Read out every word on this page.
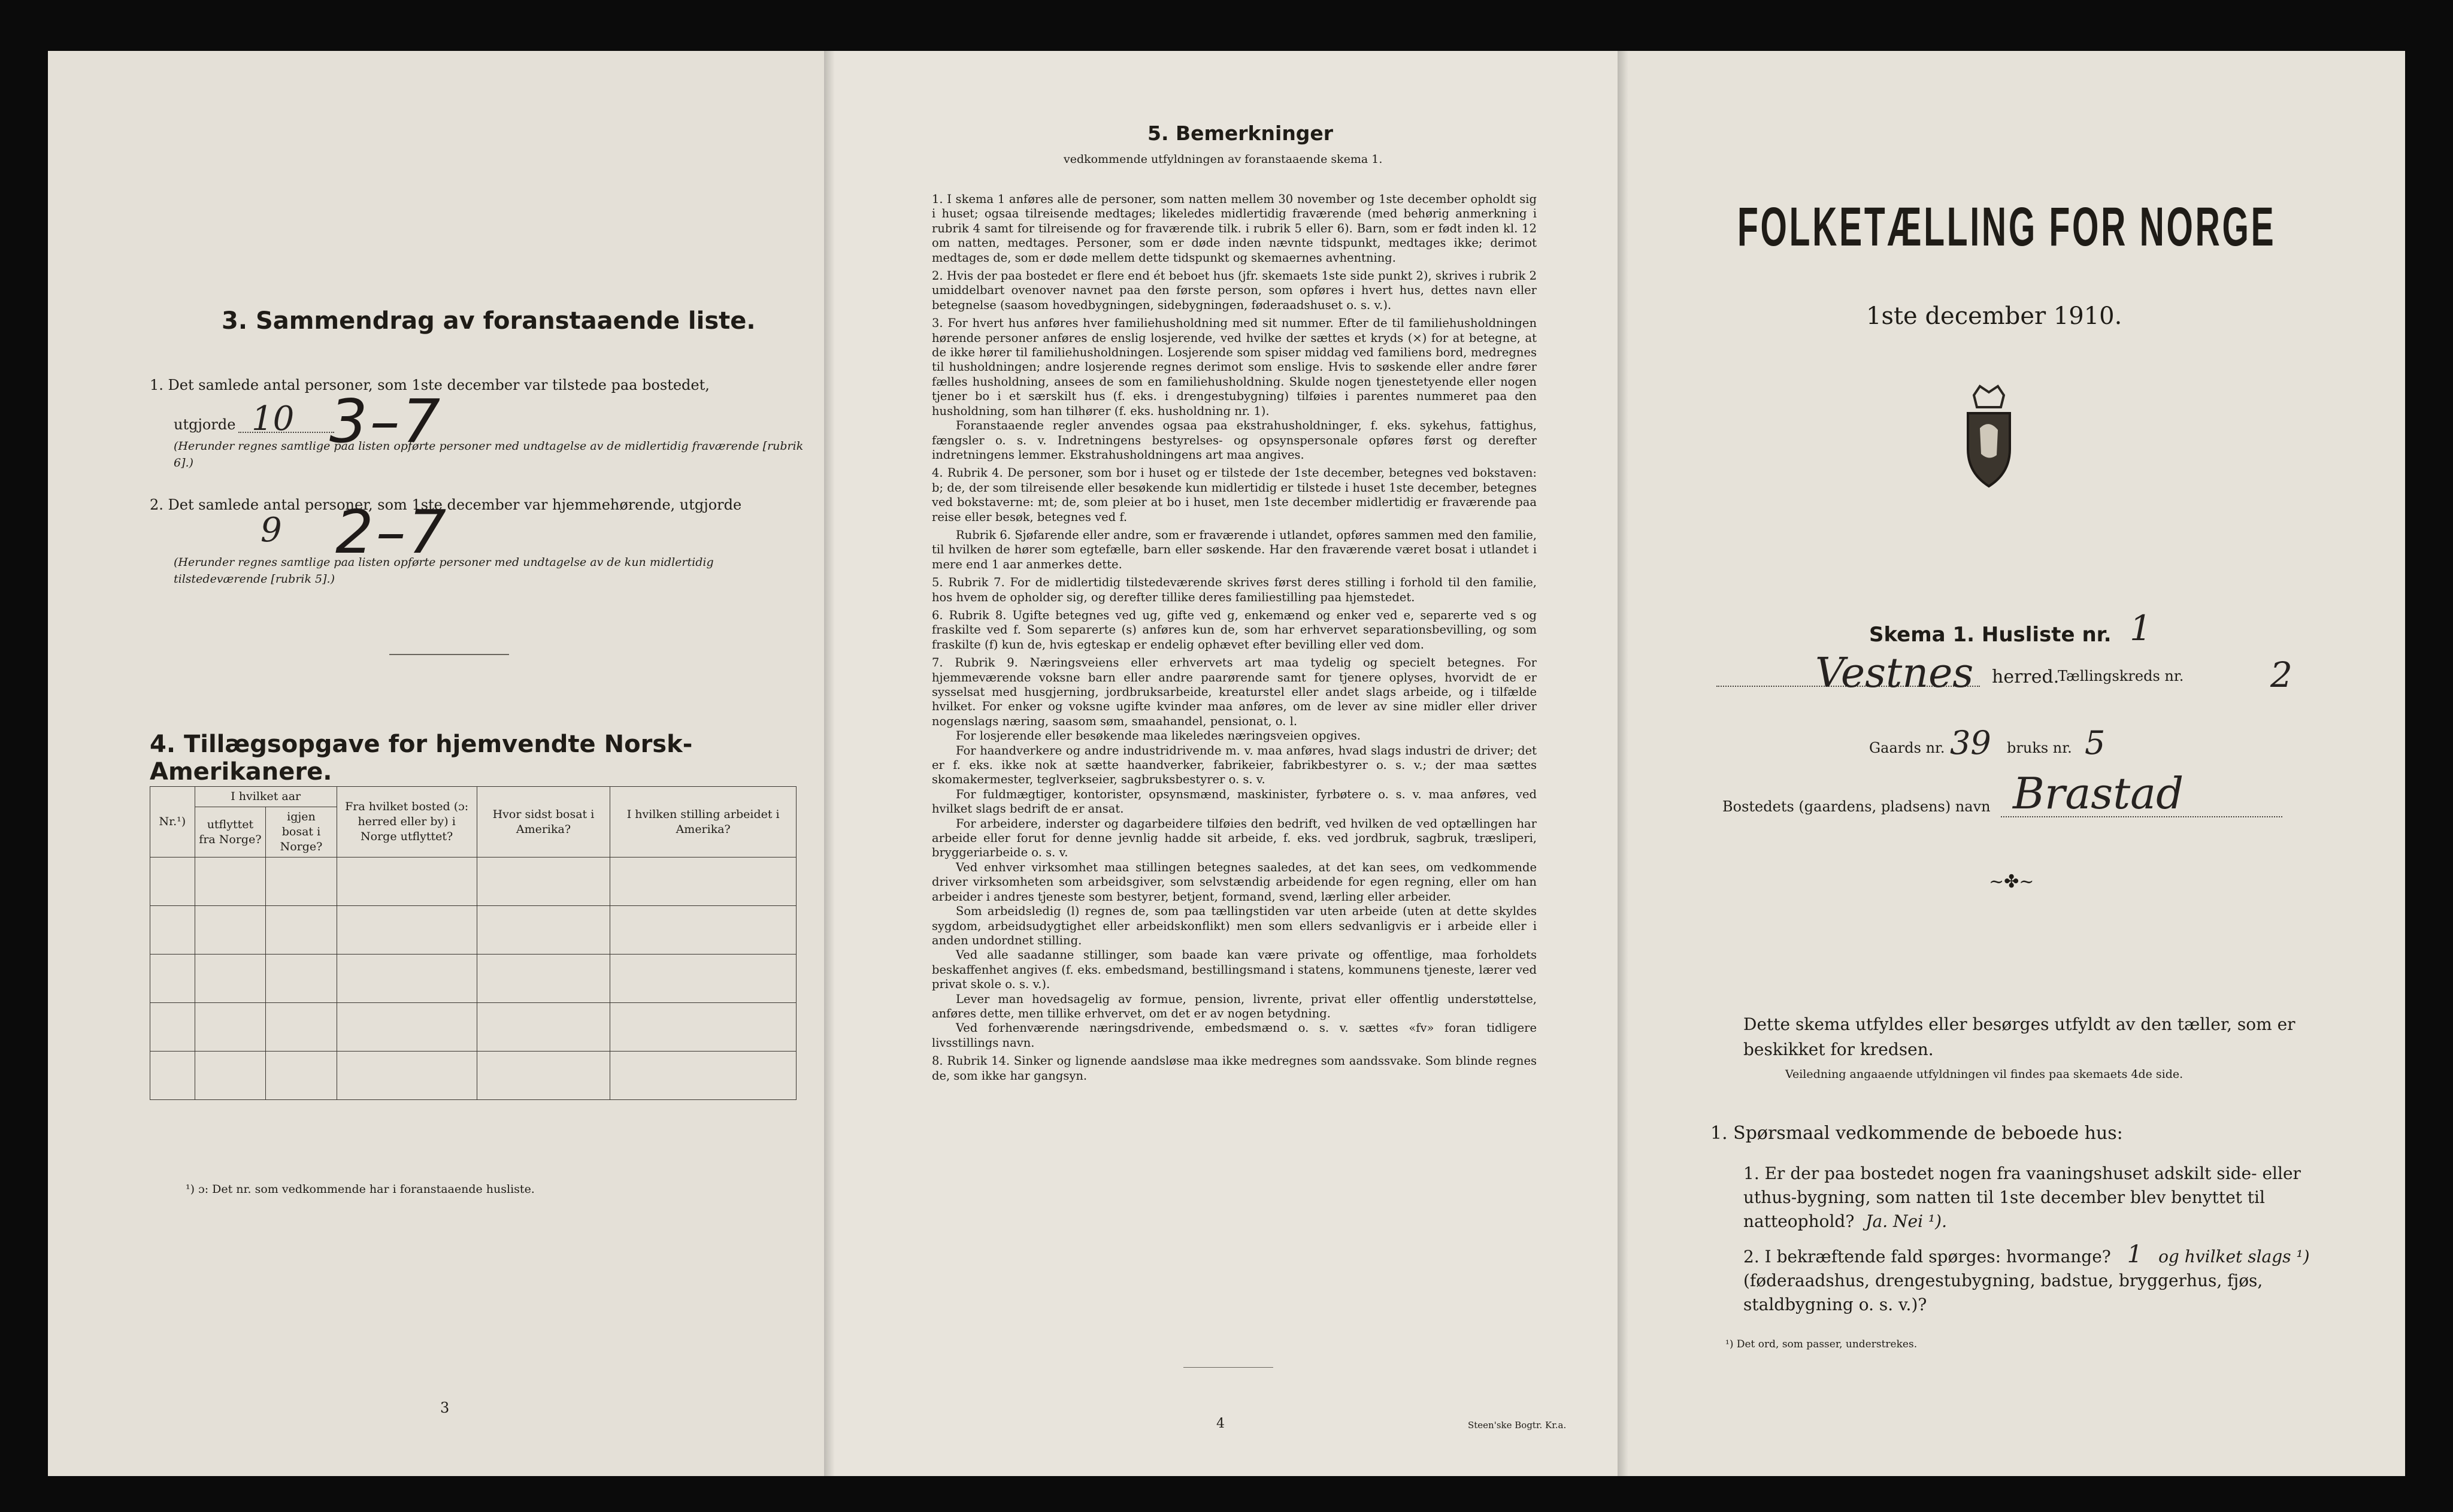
3. Sammendrag av foranstaaende liste.
1. Det samlede antal personer, som 1ste december var tilstede paa bostedet,
utgjorde 10 3–7
(Herunder regnes samtlige paa listen opførte personer med undtagelse av de midlertidig fraværende [rubrik 6].)
2. Det samlede antal personer, som 1ste december var hjemmehørende, utgjorde
9 2–7
(Herunder regnes samtlige paa listen opførte personer med undtagelse av de kun midlertidig tilstedeværende [rubrik 5].)
4. Tillægsopgave for hjemvendte Norsk-Amerikanere.
Nr.¹)	I hvilket aar		Fra hvilket bosted (ɔ: herred eller by) i Norge utflyttet?	Hvor sidst bosat i Amerika?	I hvilken stilling arbeidet i Amerika?
	utflyttet fra Norge?	igjen bosat i Norge?			

¹) ɔ: Det nr. som vedkommende har i foranstaaende husliste.
3
5. Bemerkninger
vedkommende utfyldningen av foranstaaende skema 1.

1. I skema 1 anføres alle de personer, som natten mellem 30 november og 1ste december opholdt sig i huset; ogsaa tilreisende medtages; likeledes midlertidig fraværende (med behørig anmerkning i rubrik 4 samt for tilreisende og for fraværende tilk. i rubrik 5 eller 6). Barn, som er født inden kl. 12 om natten, medtages. Personer, som er døde inden nævnte tidspunkt, medtages ikke; derimot medtages de, som er døde mellem dette tidspunkt og skemaernes avhentning.

2. Hvis der paa bostedet er flere end ét beboet hus (jfr. skemaets 1ste side punkt 2), skrives i rubrik 2 umiddelbart ovenover navnet paa den første person, som opføres i hvert hus, dettes navn eller betegnelse (saasom hovedbygningen, sidebygningen, føderaadshuset o. s. v.).

3. For hvert hus anføres hver familiehusholdning med sit nummer. Efter de til familiehusholdningen hørende personer anføres de enslig losjerende, ved hvilke der sættes et kryds (×) for at betegne, at de ikke hører til familiehusholdningen. Losjerende som spiser middag ved familiens bord, medregnes til husholdningen; andre losjerende regnes derimot som enslige. Hvis to søskende eller andre fører fælles husholdning, ansees de som en familiehusholdning. Skulde nogen tjenestetyende eller nogen tjener bo i et særskilt hus (f. eks. i drengestubygning) tilføies i parentes nummeret paa den husholdning, som han tilhører (f. eks. husholdning nr. 1).

Foranstaaende regler anvendes ogsaa paa ekstrahusholdninger, f. eks. sykehus, fattighus, fængsler o. s. v. Indretningens bestyrelses- og opsynspersonale opføres først og derefter indretningens lemmer. Ekstrahusholdningens art maa angives.

4. Rubrik 4. De personer, som bor i huset og er tilstede der 1ste december, betegnes ved bokstaven: b; de, der som tilreisende eller besøkende kun midlertidig er tilstede i huset 1ste december, betegnes ved bokstaverne: mt; de, som pleier at bo i huset, men 1ste december midlertidig er fraværende paa reise eller besøk, betegnes ved f.

Rubrik 6. Sjøfarende eller andre, som er fraværende i utlandet, opføres sammen med den familie, til hvilken de hører som egtefælle, barn eller søskende. Har den fraværende været bosat i utlandet i mere end 1 aar anmerkes dette.

5. Rubrik 7. For de midlertidig tilstedeværende skrives først deres stilling i forhold til den familie, hos hvem de opholder sig, og derefter tillike deres familiestilling paa hjemstedet.

6. Rubrik 8. Ugifte betegnes ved ug, gifte ved g, enkemænd og enker ved e, separerte ved s og fraskilte ved f. Som separerte (s) anføres kun de, som har erhvervet separationsbevilling, og som fraskilte (f) kun de, hvis egteskap er endelig ophævet efter bevilling eller ved dom.

7. Rubrik 9. Næringsveiens eller erhvervets art maa tydelig og specielt betegnes. For hjemmeværende voksne barn eller andre paarørende samt for tjenere oplyses, hvorvidt de er sysselsat med husgjerning, jordbruksarbeide, kreaturstel eller andet slags arbeide, og i tilfælde hvilket. For enker og voksne ugifte kvinder maa anføres, om de lever av sine midler eller driver nogenslags næring, saasom søm, smaahandel, pensionat, o. l.

For losjerende eller besøkende maa likeledes næringsveien opgives.

For haandverkere og andre industridrivende m. v. maa anføres, hvad slags industri de driver; det er f. eks. ikke nok at sætte haandverker, fabrikeier, fabrikbestyrer o. s. v.; der maa sættes skomakermester, teglverkseier, sagbruksbestyrer o. s. v.

For fuldmægtiger, kontorister, opsynsmænd, maskinister, fyrbøtere o. s. v. maa anføres, ved hvilket slags bedrift de er ansat.

For arbeidere, inderster og dagarbeidere tilføies den bedrift, ved hvilken de ved optællingen har arbeide eller forut for denne jevnlig hadde sit arbeide, f. eks. ved jordbruk, sagbruk, træsliperi, bryggeriarbeide o. s. v.

Ved enhver virksomhet maa stillingen betegnes saaledes, at det kan sees, om vedkommende driver virksomheten som arbeidsgiver, som selvstændig arbeidende for egen regning, eller om han arbeider i andres tjeneste som bestyrer, betjent, formand, svend, lærling eller arbeider.

Som arbeidsledig (l) regnes de, som paa tællingstiden var uten arbeide (uten at dette skyldes sygdom, arbeidsudygtighet eller arbeidskonflikt) men som ellers sedvanligvis er i arbeide eller i anden undordnet stilling.

Ved alle saadanne stillinger, som baade kan være private og offentlige, maa forholdets beskaffenhet angives (f. eks. embedsmand, bestillingsmand i statens, kommunens tjeneste, lærer ved privat skole o. s. v.).

Lever man hovedsagelig av formue, pension, livrente, privat eller offentlig understøttelse, anføres dette, men tillike erhvervet, om det er av nogen betydning.

Ved forhenværende næringsdrivende, embedsmænd o. s. v. sættes «fv» foran tidligere livsstillings navn.

8. Rubrik 14. Sinker og lignende aandsløse maa ikke medregnes som aandssvake. Som blinde regnes de, som ikke har gangsyn.

4	Steen'ske Bogtr. Kr.a.
FOLKETÆLLING FOR NORGE
1ste december 1910.
Skema 1. Husliste nr. 1
Vestnes herred.
Tællingskreds nr. 2
Gaards nr. 39 bruks nr. 5
Bostedets (gaardens, pladsens) navn Brastad
~✤~
Dette skema utfyldes eller besørges utfyldt av den tæller, som er beskikket for kredsen.
Veiledning angaaende utfyldningen vil findes paa skemaets 4de side.
1. Spørsmaal vedkommende de beboede hus:
1. Er der paa bostedet nogen fra vaaningshuset adskilt side- eller uthus-bygning, som natten til 1ste december blev benyttet til natteophold? Ja. Nei ¹).
2. I bekræftende fald spørges: hvormange? 1 og hvilket slags ¹)
(føderaadshus, drengestubygning, badstue, bryggerhus, fjøs, staldbygning o. s. v.)?
¹) Det ord, som passer, understrekes.
